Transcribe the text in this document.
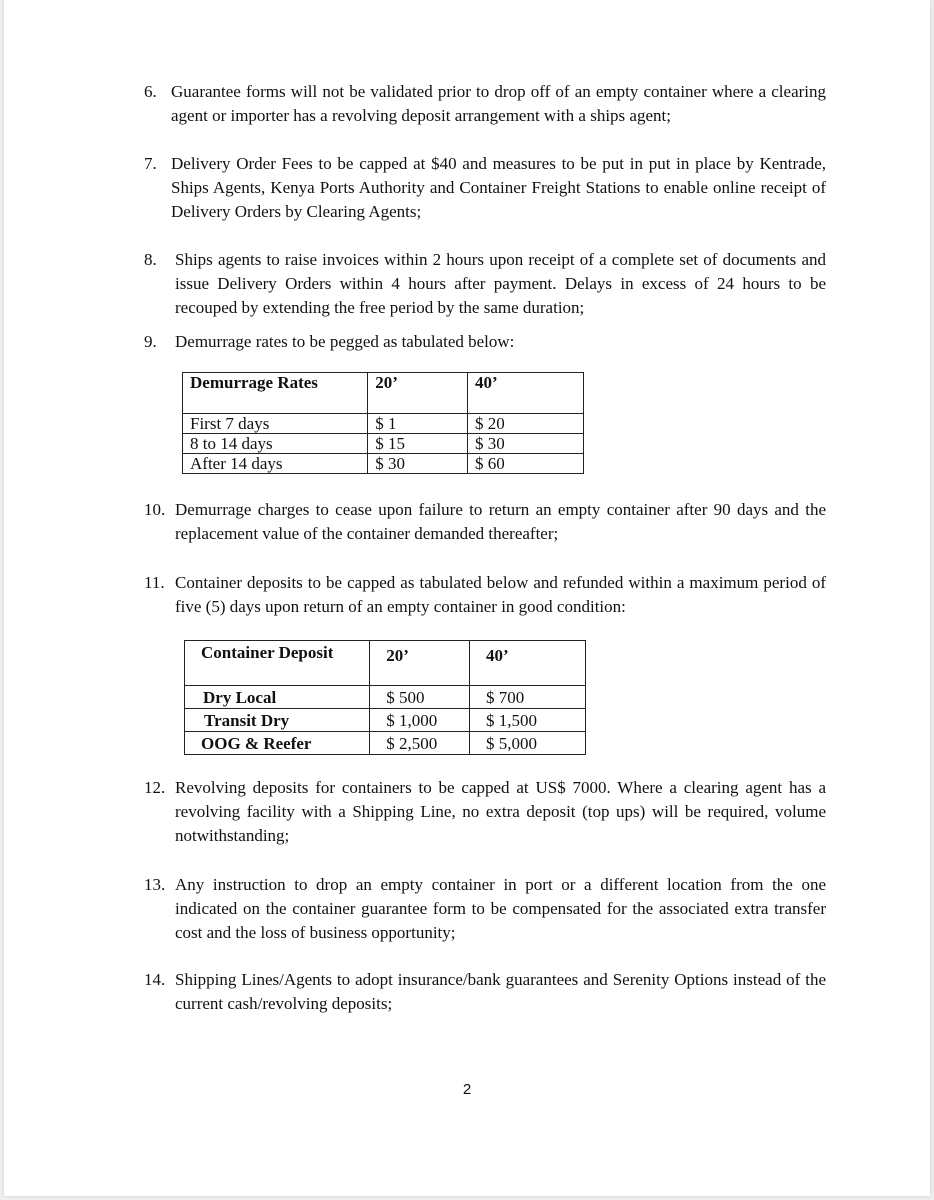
6. Guarantee forms will not be validated prior to drop off of an empty container where a clearing agent or importer has a revolving deposit arrangement with a ships agent;
7. Delivery Order Fees to be capped at $40 and measures to be put in put in place by Kentrade, Ships Agents, Kenya Ports Authority and Container Freight Stations to enable online receipt of Delivery Orders by Clearing Agents;
8. Ships agents to raise invoices within 2 hours upon receipt of a complete set of documents and issue Delivery Orders within 4 hours after payment. Delays in excess of 24 hours to be recouped by extending the free period by the same duration;
9. Demurrage rates to be pegged as tabulated below:
Demurrage Rates	20’	40’
First 7 days	$ 1	$ 20
8 to 14 days	$ 15	$ 30
After 14 days	$ 30	$ 60
10. Demurrage charges to cease upon failure to return an empty container after 90 days and the replacement value of the container demanded thereafter;
11. Container deposits to be capped as tabulated below and refunded within a maximum period of five (5) days upon return of an empty container in good condition:
Container Deposit	20’	40’
Dry Local	$ 500	$ 700
Transit Dry	$ 1,000	$ 1,500
OOG & Reefer	$ 2,500	$ 5,000
12. Revolving deposits for containers to be capped at US$ 7000. Where a clearing agent has a revolving facility with a Shipping Line, no extra deposit (top ups) will be required, volume notwithstanding;
13. Any instruction to drop an empty container in port or a different location from the one indicated on the container guarantee form to be compensated for the associated extra transfer cost and the loss of business opportunity;
14. Shipping Lines/Agents to adopt insurance/bank guarantees and Serenity Options instead of the current cash/revolving deposits;
2
